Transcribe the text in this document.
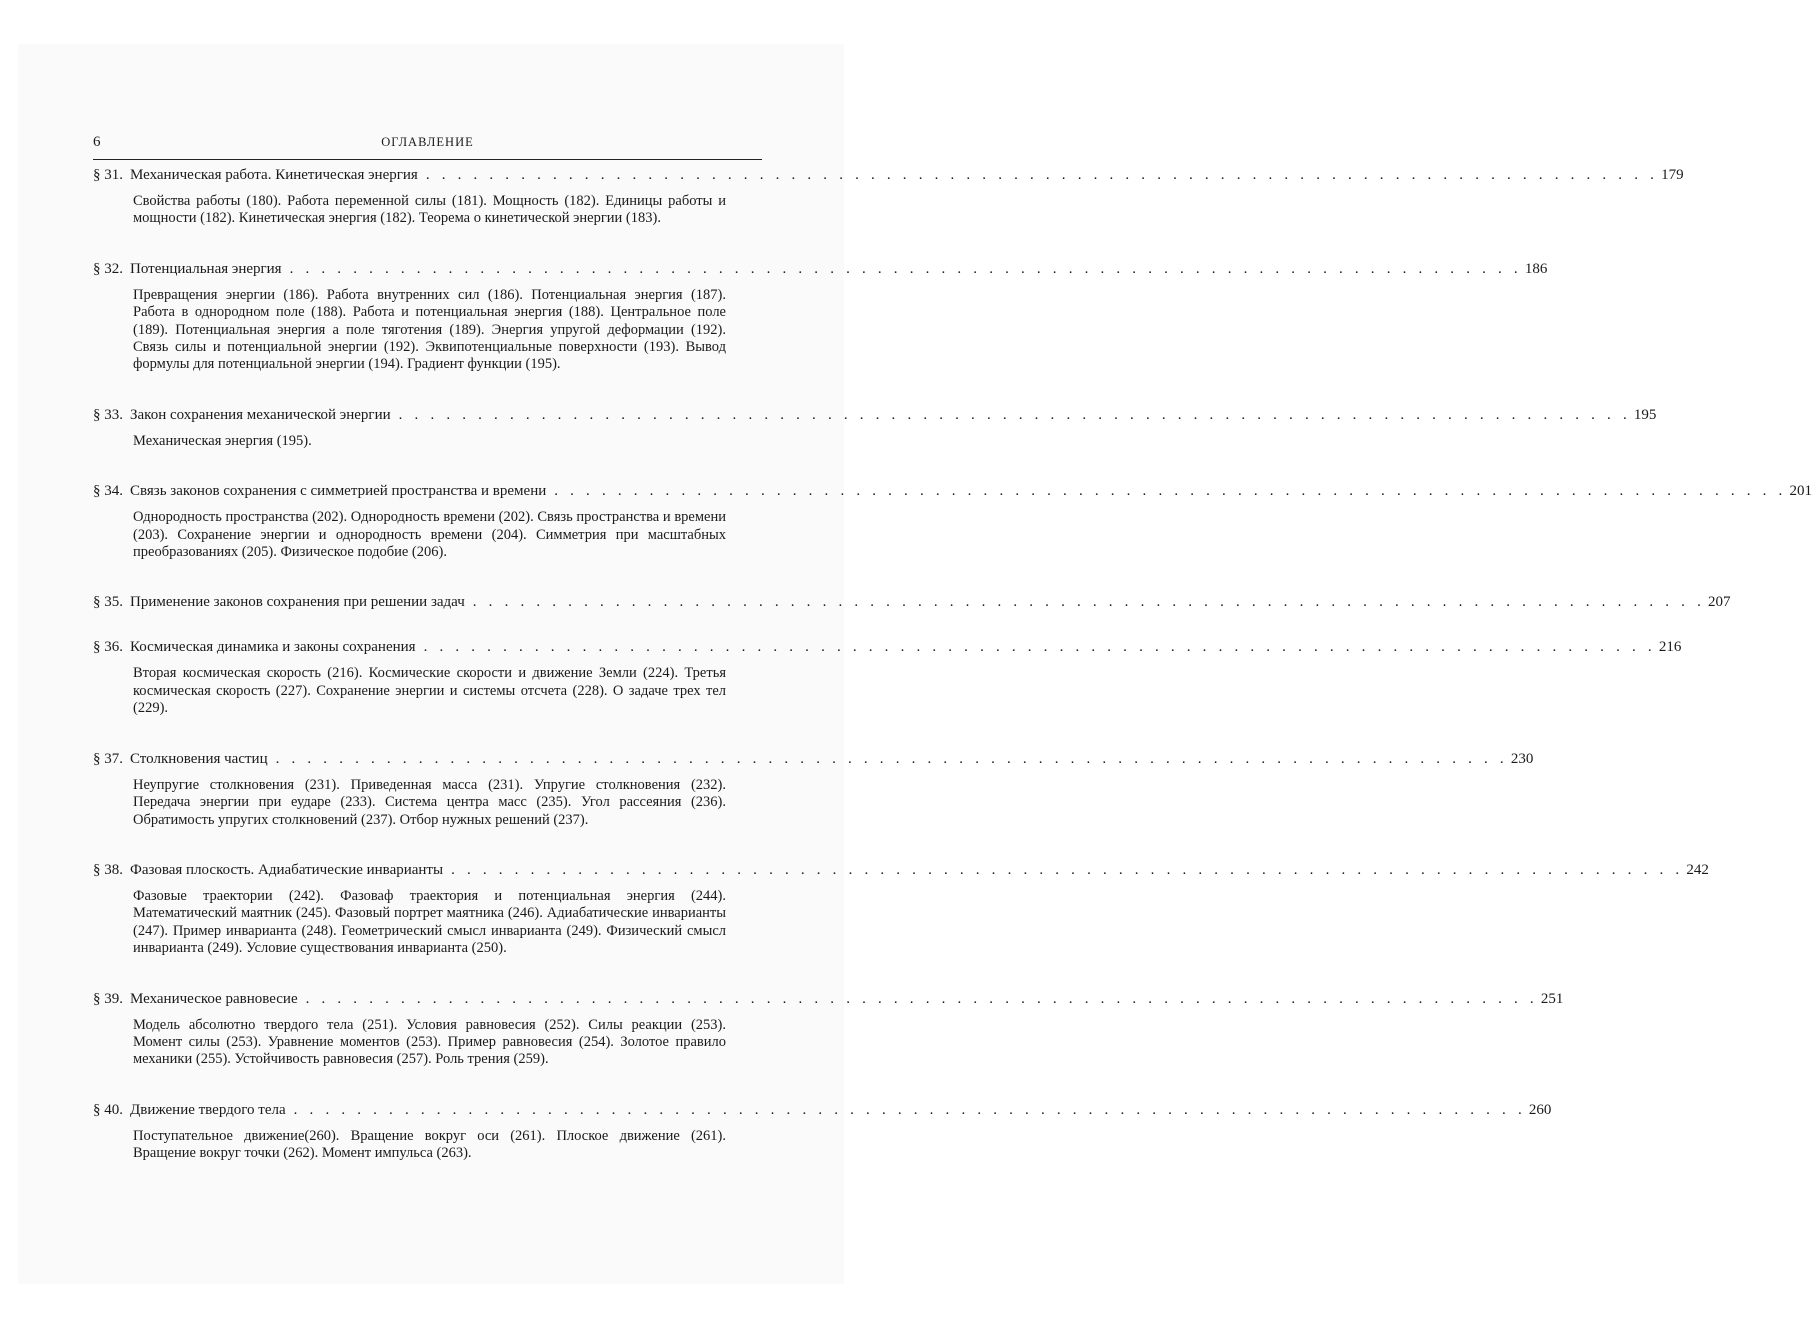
6	ОГЛАВЛЕНИЕ
§ 31. Механическая работа. Кинетическая энергия . . . . . . . . . . . . . . . . . . . . . . . . . . . . . . . . . . . . . . . . . . . . . . . . . . . . . . . . . . . . . . . . . . . . . . . . . . . . . . 179
Свойства работы (180). Работа переменной силы (181). Мощность (182). Единицы работы и мощности (182). Кинетическая энергия (182). Теорема о кинетической энергии (183).
§ 32. Потенциальная энергия . . . . . . . . . . . . . . . . . . . . . . . . . . . . . . . . . . . . . . . . . . . . . . . . . . . . . . . . . . . . . . . . . . . . . . . . . . . . . . 186
Превращения энергии (186). Работа внутренних сил (186). Потенциальная энергия (187). Работа в однородном поле (188). Работа и потенциальная энергия (188). Центральное поле (189). Потенциальная энергия а поле тяготения (189). Энергия упругой деформации (192). Связь силы и потенциальной энергии (192). Эквипотенциальные поверхности (193). Вывод формулы для потенциальной энергии (194). Градиент функции (195).
§ 33. Закон сохранения механической энергии . . . . . . . . . . . . . . . . . . . . . . . . . . . . . . . . . . . . . . . . . . . . . . . . . . . . . . . . . . . . . . . . . . . . . . . . . . . . . . 195
Механическая энергия (195).
§ 34. Связь законов сохранения с симметрией пространства и времени . . . . . . . . . . . . . . . . . . . . . . . . . . . . . . . . . . . . . . . . . . . . . . . . . . . . . . . . . . . . . . . . . . . . . . . . . . . . . . 201
Однородность пространства (202). Однородность времени (202). Связь пространства и времени (203). Сохранение энергии и однородность времени (204). Симметрия при масштабных преобразованиях (205). Физическое подобие (206).
§ 35. Применение законов сохранения при решении задач . . . . . . . . . . . . . . . . . . . . . . . . . . . . . . . . . . . . . . . . . . . . . . . . . . . . . . . . . . . . . . . . . . . . . . . . . . . . . . 207
§ 36. Космическая динамика и законы сохранения . . . . . . . . . . . . . . . . . . . . . . . . . . . . . . . . . . . . . . . . . . . . . . . . . . . . . . . . . . . . . . . . . . . . . . . . . . . . . . 216
Вторая космическая скорость (216). Космические скорости и движение Земли (224). Третья космическая скорость (227). Сохранение энергии и системы отсчета (228). О задаче трех тел (229).
§ 37. Столкновения частиц . . . . . . . . . . . . . . . . . . . . . . . . . . . . . . . . . . . . . . . . . . . . . . . . . . . . . . . . . . . . . . . . . . . . . . . . . . . . . . 230
Неупругие столкновения (231). Приведенная масса (231). Упругие столкновения (232). Передача энергии при еударе (233). Система центра масс (235). Угол рассеяния (236). Обратимость упругих столкновений (237). Отбор нужных решений (237).
§ 38. Фазовая плоскость. Адиабатические инварианты . . . . . . . . . . . . . . . . . . . . . . . . . . . . . . . . . . . . . . . . . . . . . . . . . . . . . . . . . . . . . . . . . . . . . . . . . . . . . . 242
Фазовые траектории (242). Фазоваф траектория и потенциальная энергия (244). Математический маятник (245). Фазовый портрет маятника (246). Адиабатические инварианты (247). Пример инварианта (248). Геометрический смысл инварианта (249). Физический смысл инварианта (249). Условие существования инварианта (250).
§ 39. Механическое равновесие . . . . . . . . . . . . . . . . . . . . . . . . . . . . . . . . . . . . . . . . . . . . . . . . . . . . . . . . . . . . . . . . . . . . . . . . . . . . . . 251
Модель абсолютно твердого тела (251). Условия равновесия (252). Силы реакции (253). Момент силы (253). Уравнение моментов (253). Пример равновесия (254). Золотое правило механики (255). Устойчивость равновесия (257). Роль трения (259).
§ 40. Движение твердого тела . . . . . . . . . . . . . . . . . . . . . . . . . . . . . . . . . . . . . . . . . . . . . . . . . . . . . . . . . . . . . . . . . . . . . . . . . . . . . . 260
Поступательное движение(260). Вращение вокруг оси (261). Плоское движение (261). Вращение вокруг точки (262). Момент импульса (263).
